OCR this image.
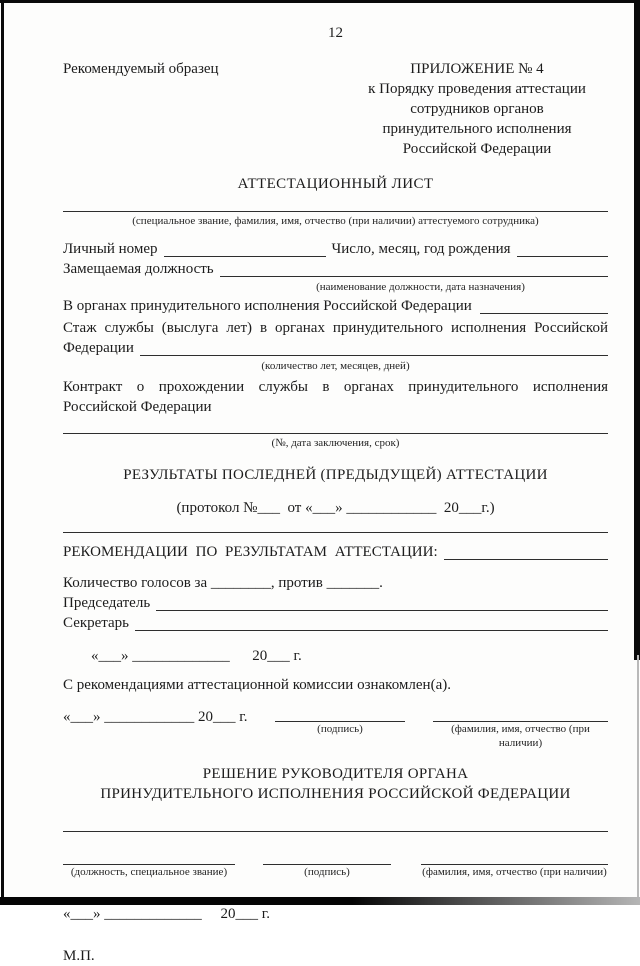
12
Рекомендуемый образец	ПРИЛОЖЕНИЕ № 4
к Порядку проведения аттестации
сотрудников органов
принудительного исполнения
Российской Федерации
АТТЕСТАЦИОННЫЙ ЛИСТ
(специальное звание, фамилия, имя, отчество (при наличии) аттестуемого сотрудника)
Личный номер	Число, месяц, год рождения
Замещаемая должность
(наименование должности, дата назначения)
В органах принудительного исполнения Российской Федерации
Стаж службы (выслуга лет) в органах принудительного исполнения Российской
Федерации
(количество лет, месяцев, дней)
Контракт о прохождении службы в органах принудительного исполнения
Российской Федерации
(№, дата заключения, срок)
РЕЗУЛЬТАТЫ ПОСЛЕДНЕЙ (ПРЕДЫДУЩЕЙ) АТТЕСТАЦИИ
(протокол №___  от «___» ____________  20___г.)
РЕКОМЕНДАЦИИ ПО РЕЗУЛЬТАТАМ АТТЕСТАЦИИ:
Количество голосов за ________, против _______.
Председатель
Секретарь
«___» _____________      20___ г.
С рекомендациями аттестационной комиссии ознакомлен(а).
«___» ____________ 20___ г.
(подпись)	(фамилия, имя, отчество (при наличии)
РЕШЕНИЕ РУКОВОДИТЕЛЯ ОРГАНА
ПРИНУДИТЕЛЬНОГО ИСПОЛНЕНИЯ РОССИЙСКОЙ ФЕДЕРАЦИИ
(должность, специальное звание)	(подпись)	(фамилия, имя, отчество (при наличии)
«___» _____________     20___ г.
М.П.
